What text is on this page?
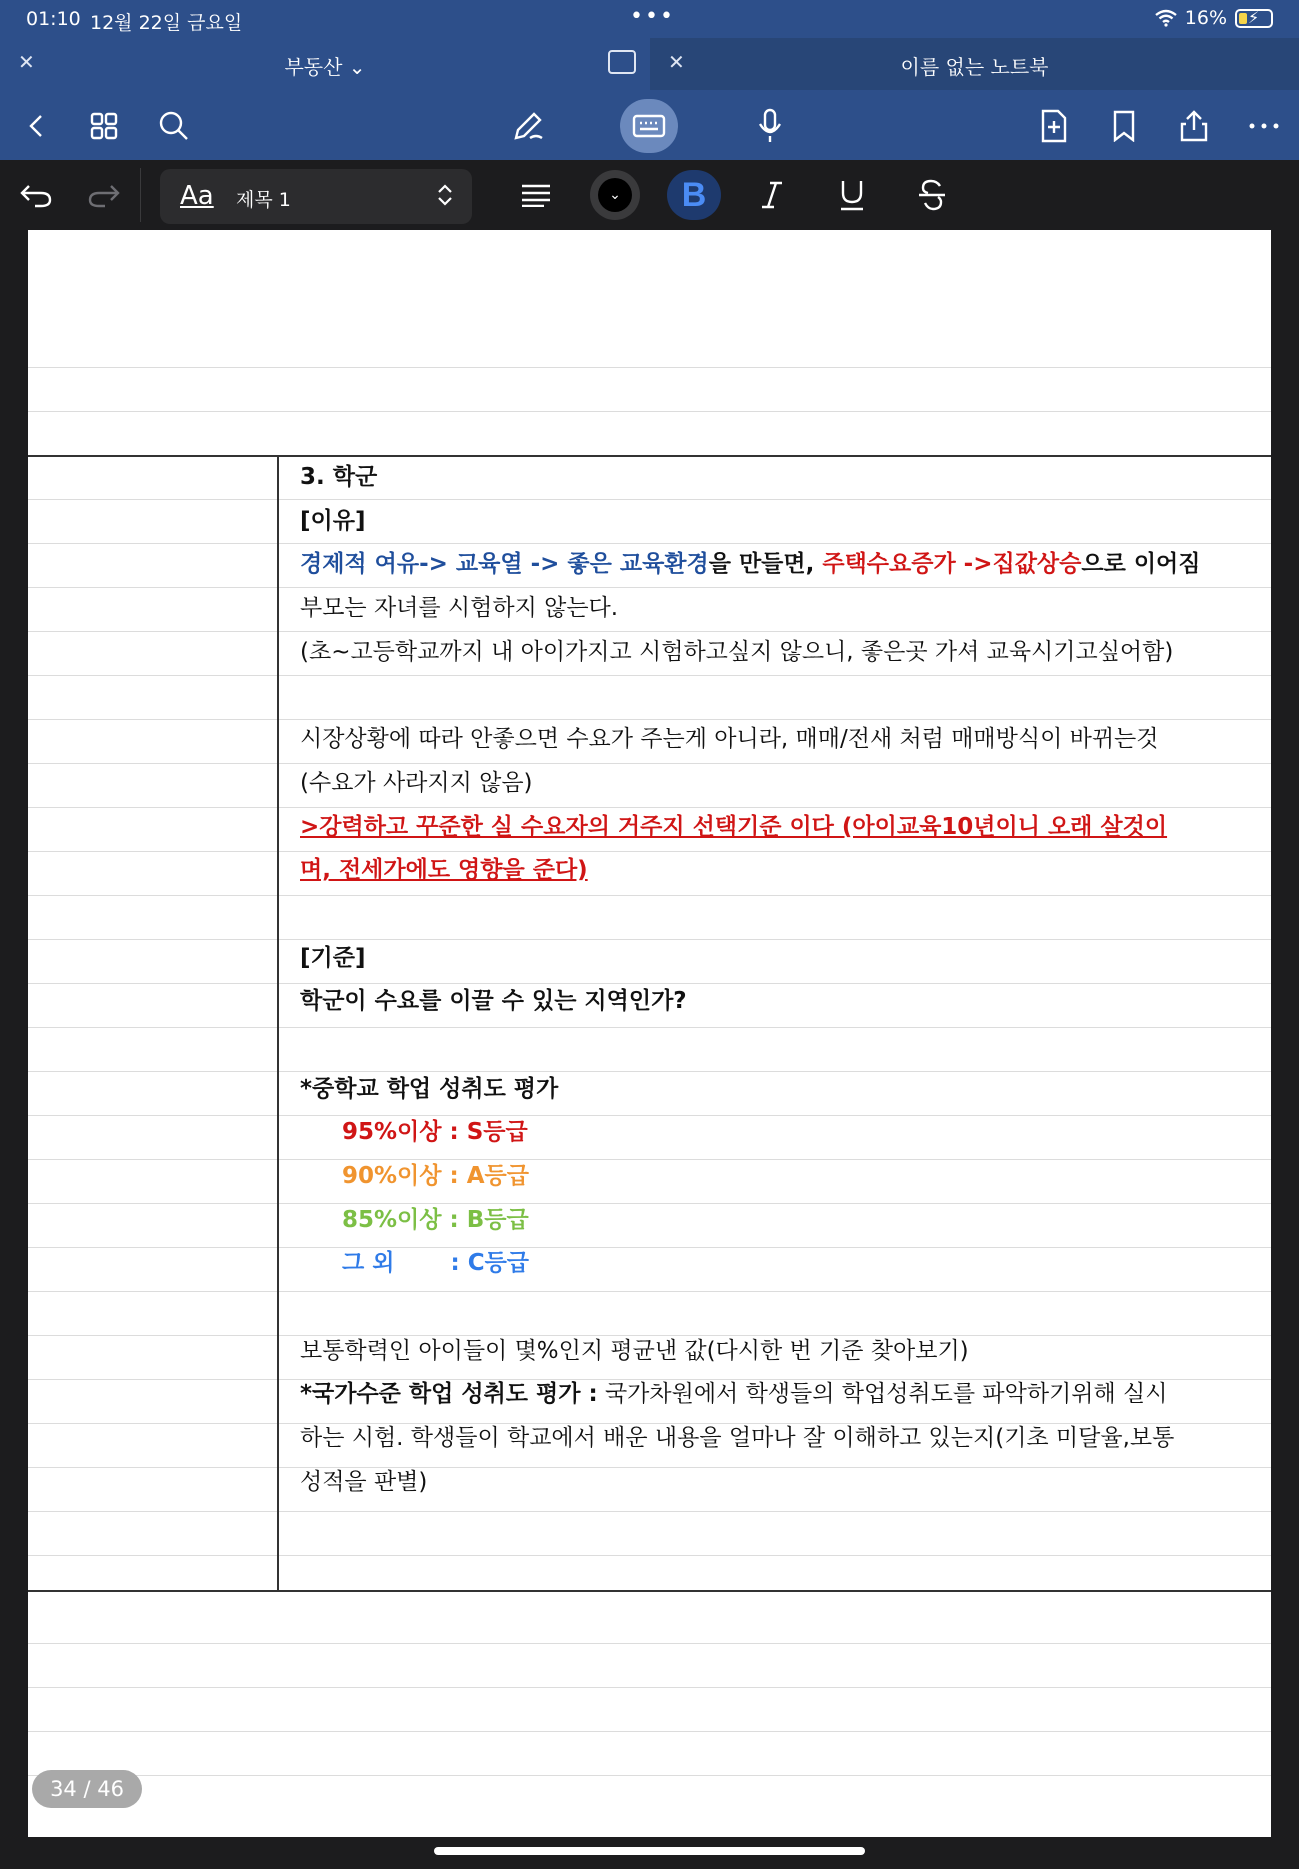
01:10 12월 22일 금요일	•••	16% ⚡
✕	부동산 ⌄	✕	이름 없는 노트북
Aa 제목 1	⌄	B
3. 학군
[이유]
경제적 여유-> 교육열 -> 좋은 교육환경을 만들면, 주택수요증가 ->집값상승으로 이어짐
부모는 자녀를 시험하지 않는다.
(초~고등학교까지 내 아이가지고 시험하고싶지 않으니, 좋은곳 가셔 교육시기고싶어함)
시장상황에 따라 안좋으면 수요가 주는게 아니라, 매매/전새 처럼 매매방식이 바뀌는것
(수요가 사라지지 않음)
>강력하고 꾸준한 실 수요자의 거주지 선택기준 이다 (아이교육10년이니 오래 살것이
며, 전세가에도 영향을 준다)
[기준]
학군이 수요를 이끌 수 있는 지역인가?
*중학교 학업 성취도 평가
95%이상 : S등급
90%이상 : A등급
85%이상 : B등급
그 외       : C등급
보통학력인 아이들이 몇%인지 평균낸 값(다시한 번 기준 찾아보기)
*국가수준 학업 성취도 평가 : 국가차원에서 학생들의 학업성취도를 파악하기위해 실시
하는 시험. 학생들이 학교에서 배운 내용을 얼마나 잘 이해하고 있는지(기초 미달율,보통
성적을 판별)
34 / 46
